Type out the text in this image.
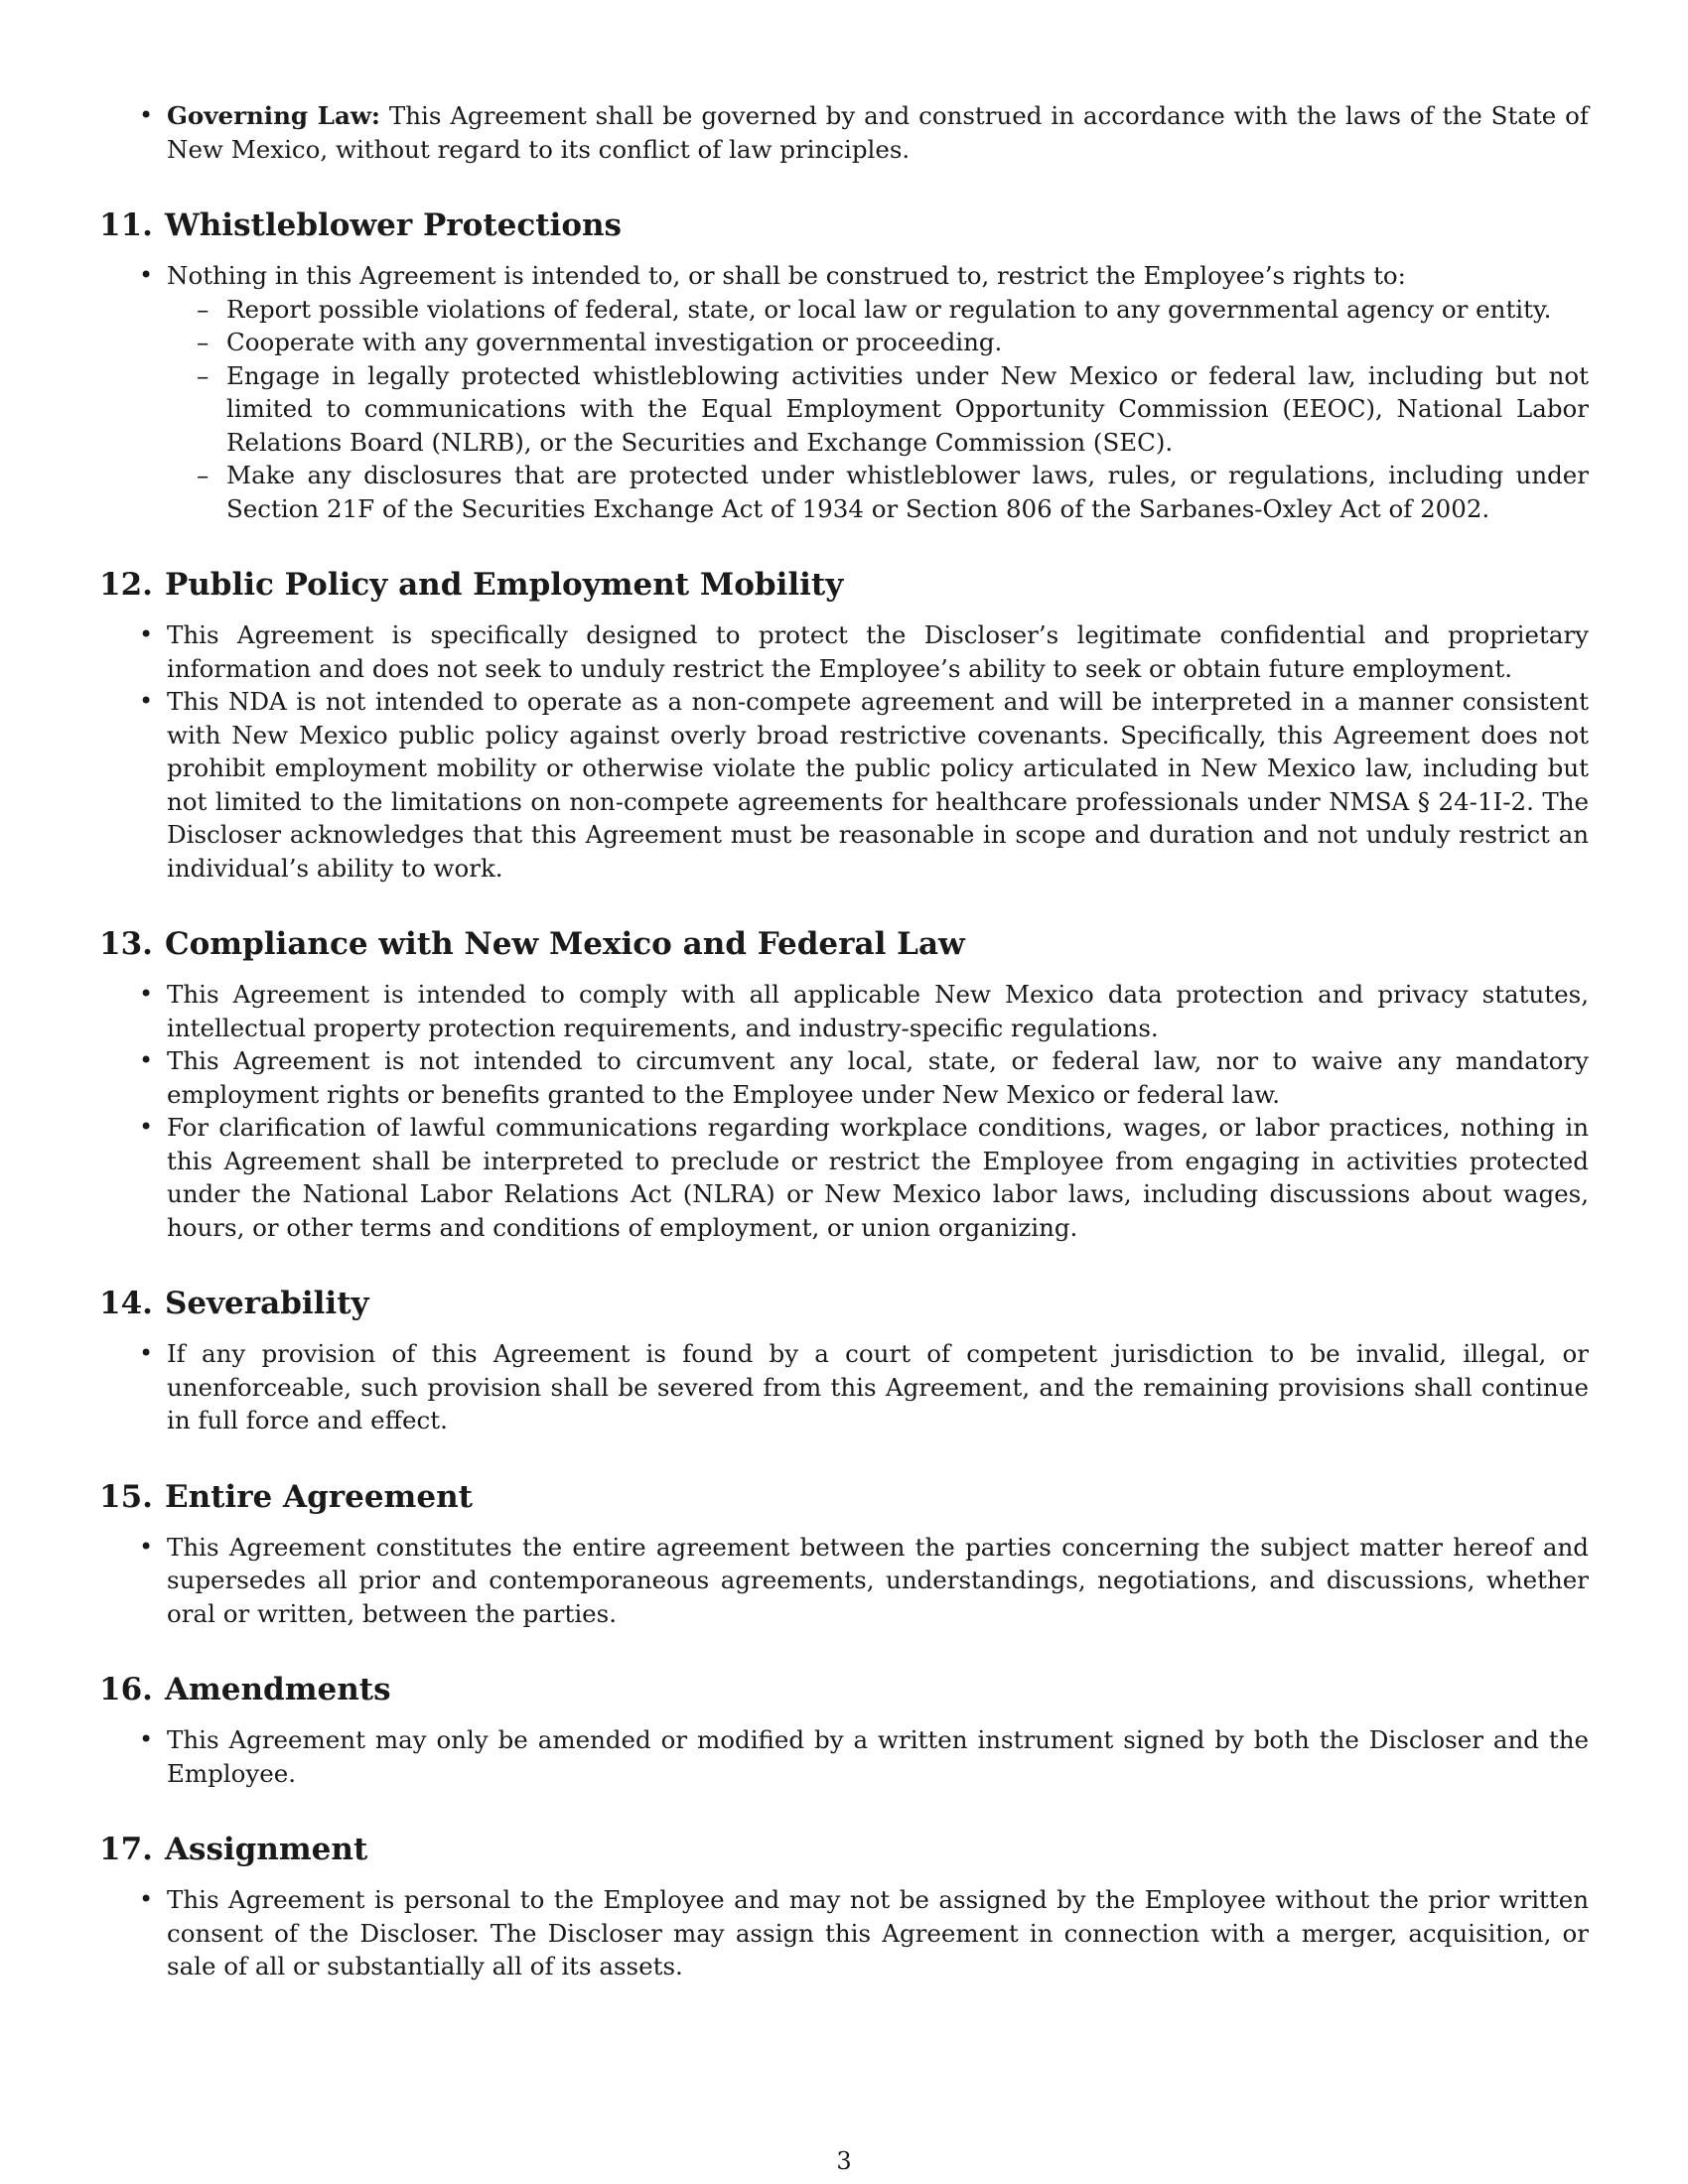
• Governing Law: This Agreement shall be governed by and construed in accordance with the laws of the State of New Mexico, without regard to its conflict of law principles.
11. Whistleblower Protections
• Nothing in this Agreement is intended to, or shall be construed to, restrict the Employee’s rights to:
– Report possible violations of federal, state, or local law or regulation to any governmental agency or entity.
– Cooperate with any governmental investigation or proceeding.
– Engage in legally protected whistleblowing activities under New Mexico or federal law, including but not limited to communications with the Equal Employment Opportunity Commission (EEOC), National Labor Relations Board (NLRB), or the Securities and Exchange Commission (SEC).
– Make any disclosures that are protected under whistleblower laws, rules, or regulations, including under Section 21F of the Securities Exchange Act of 1934 or Section 806 of the Sarbanes-Oxley Act of 2002.
12. Public Policy and Employment Mobility
• This Agreement is specifically designed to protect the Discloser’s legitimate confidential and proprietary information and does not seek to unduly restrict the Employee’s ability to seek or obtain future employment.
• This NDA is not intended to operate as a non-compete agreement and will be interpreted in a manner consistent with New Mexico public policy against overly broad restrictive covenants. Specifically, this Agreement does not prohibit employment mobility or otherwise violate the public policy articulated in New Mexico law, including but not limited to the limitations on non-compete agreements for healthcare professionals under NMSA § 24-1I-2. The Discloser acknowledges that this Agreement must be reasonable in scope and duration and not unduly restrict an individual’s ability to work.
13. Compliance with New Mexico and Federal Law
• This Agreement is intended to comply with all applicable New Mexico data protection and privacy statutes, intellectual property protection requirements, and industry-specific regulations.
• This Agreement is not intended to circumvent any local, state, or federal law, nor to waive any mandatory employment rights or benefits granted to the Employee under New Mexico or federal law.
• For clarification of lawful communications regarding workplace conditions, wages, or labor practices, nothing in this Agreement shall be interpreted to preclude or restrict the Employee from engaging in activities protected under the National Labor Relations Act (NLRA) or New Mexico labor laws, including discussions about wages, hours, or other terms and conditions of employment, or union organizing.
14. Severability
• If any provision of this Agreement is found by a court of competent jurisdiction to be invalid, illegal, or unenforceable, such provision shall be severed from this Agreement, and the remaining provisions shall continue in full force and effect.
15. Entire Agreement
• This Agreement constitutes the entire agreement between the parties concerning the subject matter hereof and supersedes all prior and contemporaneous agreements, understandings, negotiations, and discussions, whether oral or written, between the parties.
16. Amendments
• This Agreement may only be amended or modified by a written instrument signed by both the Discloser and the Employee.
17. Assignment
• This Agreement is personal to the Employee and may not be assigned by the Employee without the prior written consent of the Discloser. The Discloser may assign this Agreement in connection with a merger, acquisition, or sale of all or substantially all of its assets.
3
